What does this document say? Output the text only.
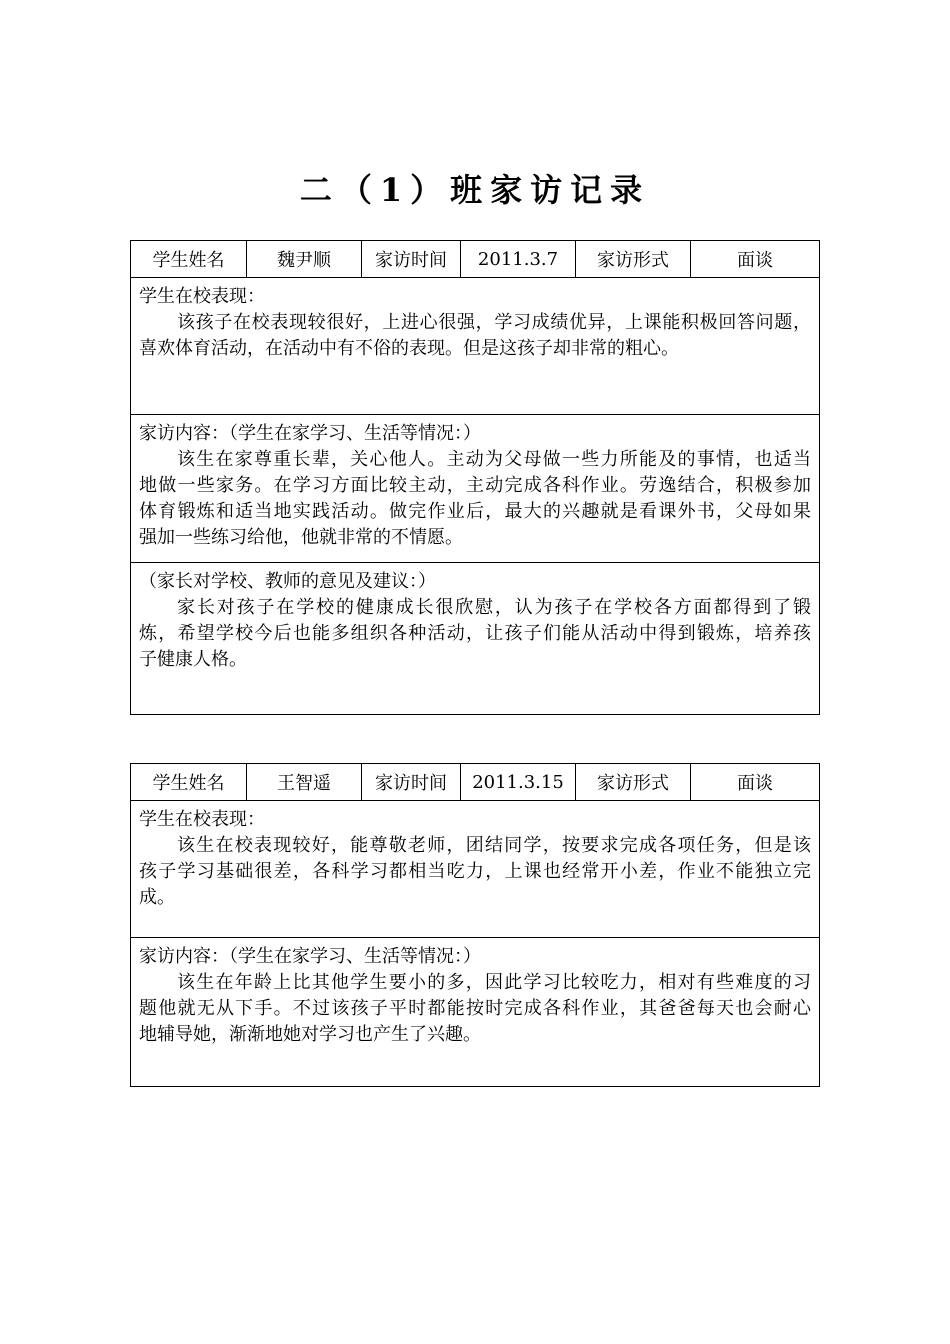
二（1）班家访记录
学生姓名	魏尹顺	家访时间	2011.3.7	家访形式	面谈
学生在校表现：
该孩子在校表现较很好，上进心很强，学习成绩优异，上课能积极回答问题，
喜欢体育活动，在活动中有不俗的表现。但是这孩子却非常的粗心。
家访内容：（学生在家学习、生活等情况：）
该生在家尊重长辈，关心他人。主动为父母做一些力所能及的事情，也适当
地做一些家务。在学习方面比较主动，主动完成各科作业。劳逸结合，积极参加
体育锻炼和适当地实践活动。做完作业后，最大的兴趣就是看课外书，父母如果
强加一些练习给他，他就非常的不情愿。
（家长对学校、教师的意见及建议：）
家长对孩子在学校的健康成长很欣慰，认为孩子在学校各方面都得到了锻
炼，希望学校今后也能多组织各种活动，让孩子们能从活动中得到锻炼，培养孩
子健康人格。
学生姓名	王智遥	家访时间	2011.3.15	家访形式	面谈
学生在校表现：
该生在校表现较好，能尊敬老师，团结同学，按要求完成各项任务，但是该
孩子学习基础很差，各科学习都相当吃力，上课也经常开小差，作业不能独立完
成。
家访内容：（学生在家学习、生活等情况：）
该生在年龄上比其他学生要小的多，因此学习比较吃力，相对有些难度的习
题他就无从下手。不过该孩子平时都能按时完成各科作业，其爸爸每天也会耐心
地辅导她，渐渐地她对学习也产生了兴趣。
